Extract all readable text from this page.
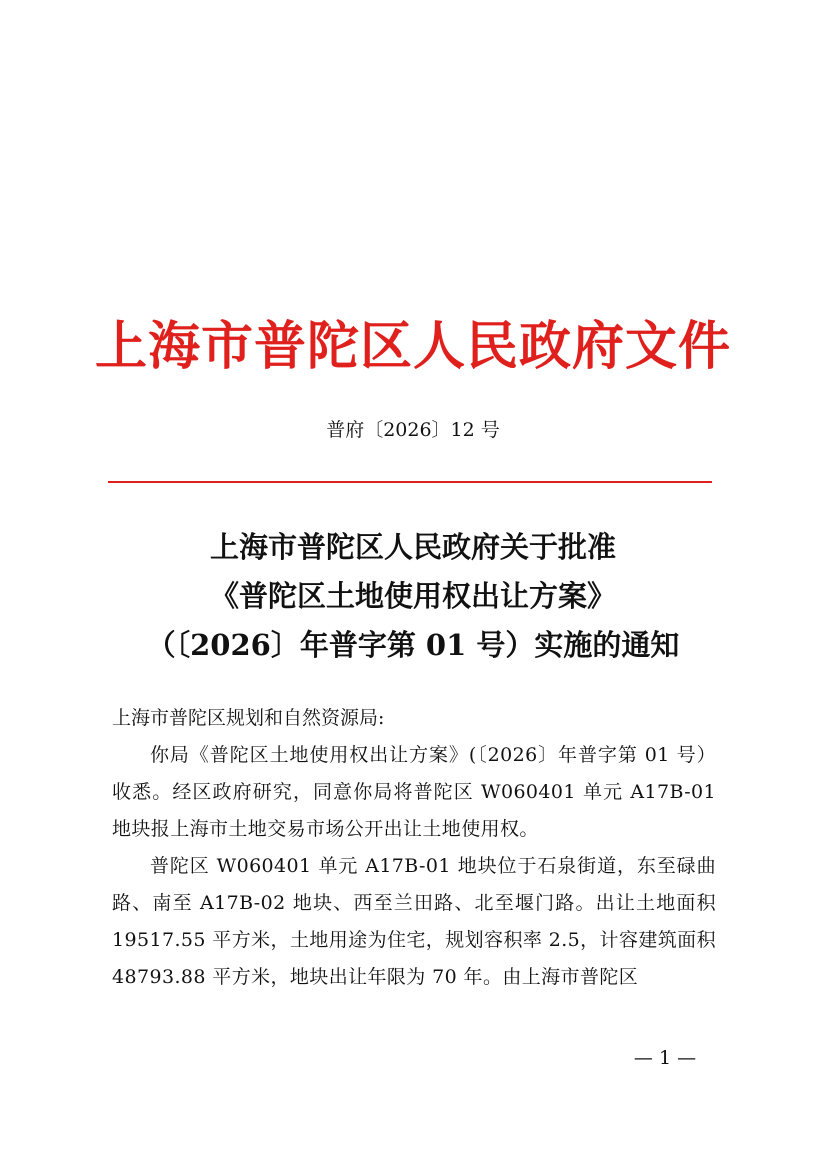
上海市普陀区人民政府文件
普府〔2026〕12 号
上海市普陀区人民政府关于批准
《普陀区土地使用权出让方案》
（〔2026〕年普字第 01 号）实施的通知

上海市普陀区规划和自然资源局:

你局《普陀区土地使用权出让方案》(〔2026〕年普字第 01 号）收悉。经区政府研究，同意你局将普陀区 W060401 单元 A17B-01 地块报上海市土地交易市场公开出让土地使用权。

普陀区 W060401 单元 A17B-01 地块位于石泉街道，东至碌曲路、南至 A17B-02 地块、西至兰田路、北至堰门路。出让土地面积 19517.55 平方米，土地用途为住宅，规划容积率 2.5，计容建筑面积 48793.88 平方米，地块出让年限为 70 年。由上海市普陀区

— 1 —
